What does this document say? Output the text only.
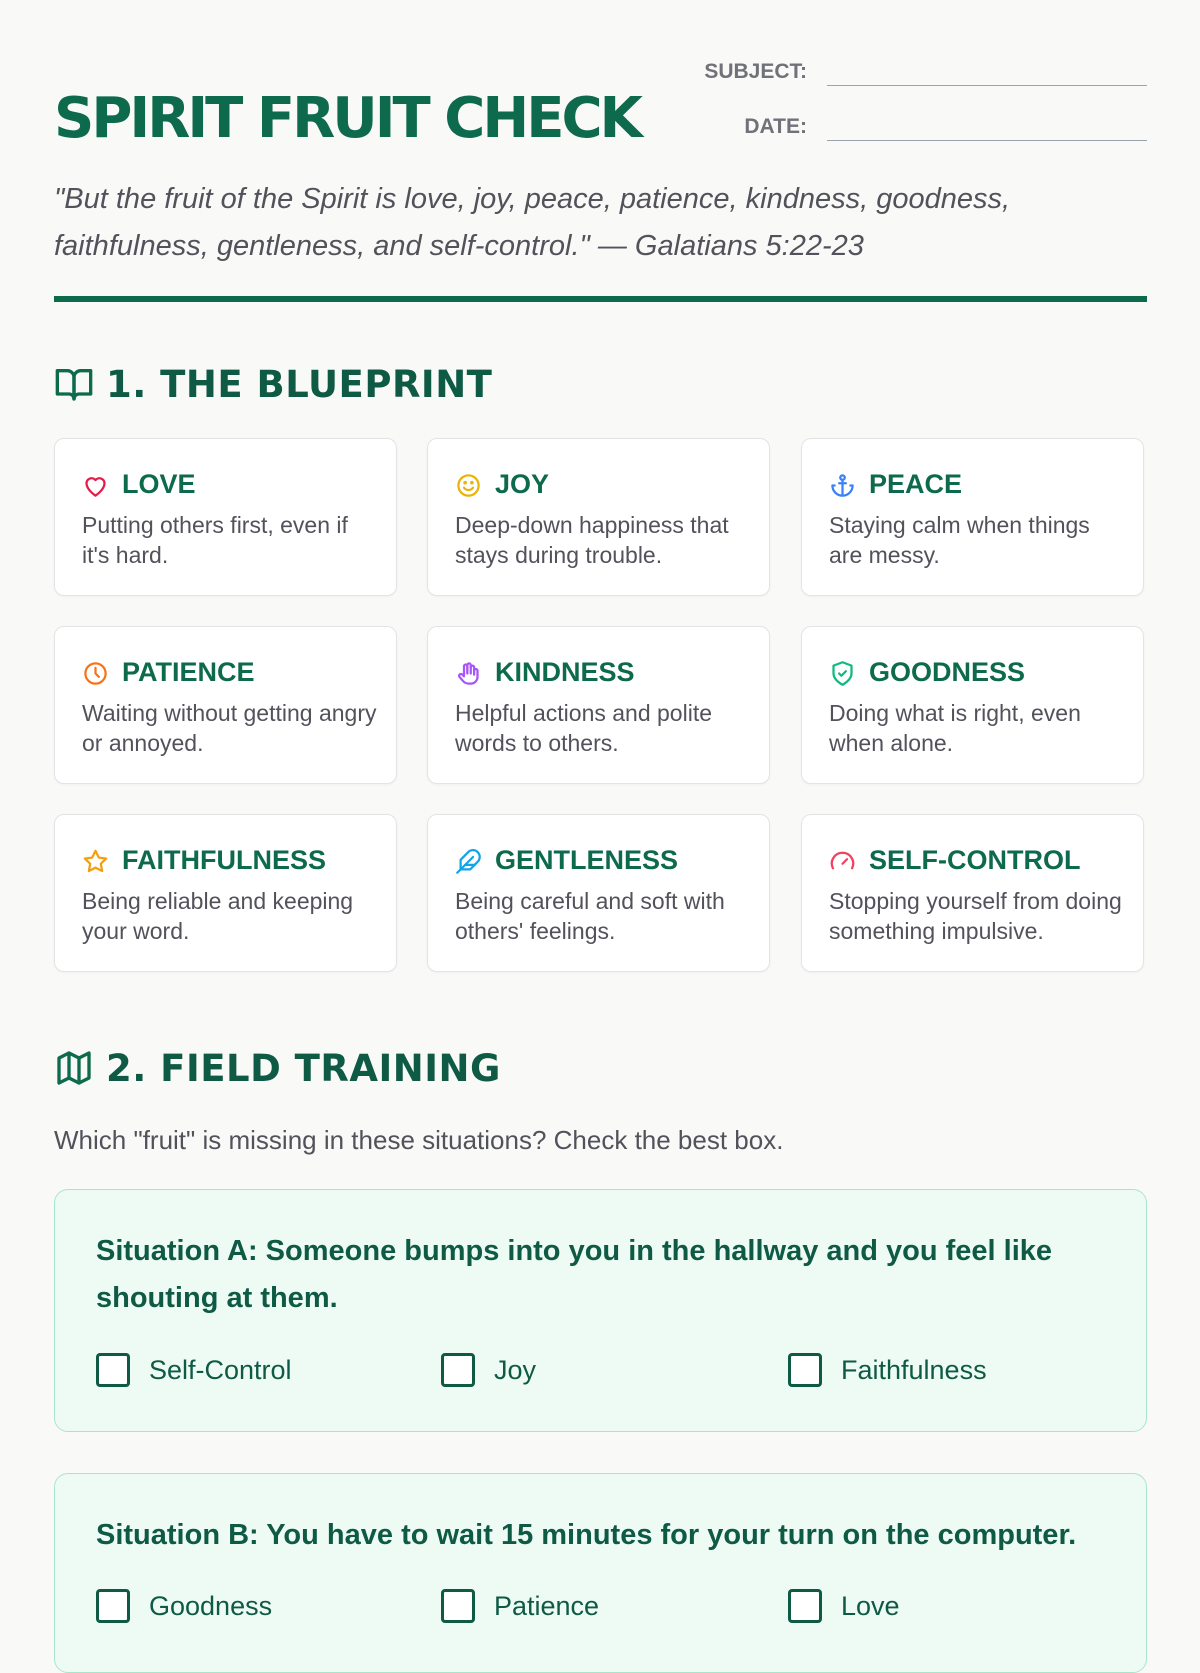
SPIRIT FRUIT CHECK
SUBJECT:
DATE:

"But the fruit of the Spirit is love, joy, peace, patience, kindness, goodness, faithfulness, gentleness, and self-control." — Galatians 5:22-23

1. THE BLUEPRINT
LOVE
Putting others first, even if it's hard.
JOY
Deep-down happiness that stays during trouble.
PEACE
Staying calm when things are messy.
PATIENCE
Waiting without getting angry or annoyed.
KINDNESS
Helpful actions and polite words to others.
GOODNESS
Doing what is right, even when alone.
FAITHFULNESS
Being reliable and keeping your word.
GENTLENESS
Being careful and soft with others' feelings.
SELF-CONTROL
Stopping yourself from doing something impulsive.
2. FIELD TRAINING

Which "fruit" is missing in these situations? Check the best box.

Situation A: Someone bumps into you in the hallway and you feel like shouting at them.

Self-Control	Joy	Faithfulness

Situation B: You have to wait 15 minutes for your turn on the computer.

Goodness	Patience	Love
